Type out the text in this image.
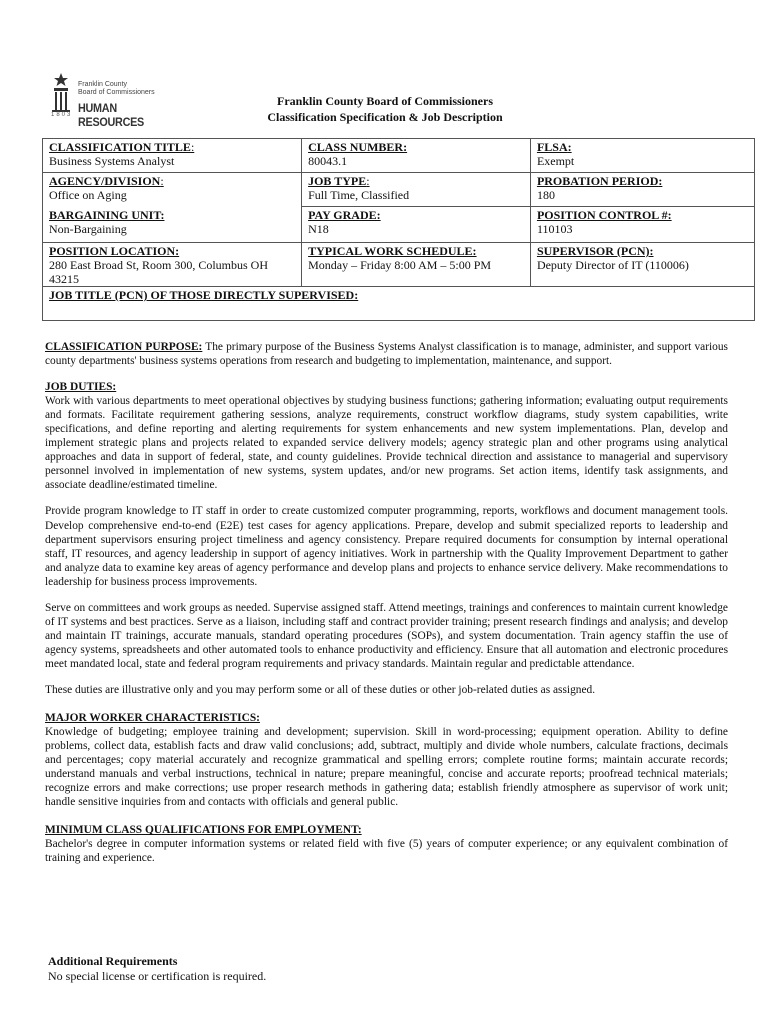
Franklin County
Board of Commissioners
HUMAN RESOURCES
1803
Franklin County Board of Commissioners
Classification Specification & Job Description
CLASSIFICATION TITLE:
Business Systems Analyst	CLASS NUMBER:
80043.1	FLSA:
Exempt

AGENCY/DIVISION:
Office on Aging	JOB TYPE:
Full Time, Classified	PROBATION PERIOD:
180

BARGAINING UNIT:
Non-Bargaining	PAY GRADE:
N18	POSITION CONTROL #:
110103

POSITION LOCATION:
280 East Broad St, Room 300, Columbus OH 43215	TYPICAL WORK SCHEDULE:
Monday – Friday 8:00 AM – 5:00 PM	SUPERVISOR (PCN):
Deputy Director of IT (110006)

JOB TITLE (PCN) OF THOSE DIRECTLY SUPERVISED:		

CLASSIFICATION PURPOSE: The primary purpose of the Business Systems Analyst classification is to manage, administer, and support various county departments' business systems operations from research and budgeting to implementation, maintenance, and support.

JOB DUTIES:

Work with various departments to meet operational objectives by studying business functions; gathering information; evaluating output requirements and formats. Facilitate requirement gathering sessions, analyze requirements, construct workflow diagrams, study system capabilities, write specifications, and define reporting and alerting requirements for system enhancements and new system implementations. Plan, develop and implement strategic plans and projects related to expanded service delivery models; agency strategic plan and other programs using analytical approaches and data in support of federal, state, and county guidelines. Provide technical direction and assistance to managerial and supervisory personnel involved in implementation of new systems, system updates, and/or new programs. Set action items, identify task assignments, and associate deadline/estimated timeline.

Provide program knowledge to IT staff in order to create customized computer programming, reports, workflows and document management tools. Develop comprehensive end-to-end (E2E) test cases for agency applications. Prepare, develop and submit specialized reports to leadership and department supervisors ensuring project timeliness and agency consistency. Prepare required documents for consumption by internal operational staff, IT resources, and agency leadership in support of agency initiatives. Work in partnership with the Quality Improvement Department to gather and analyze data to examine key areas of agency performance and develop plans and projects to enhance service delivery. Make recommendations to leadership for business process improvements.

Serve on committees and work groups as needed. Supervise assigned staff. Attend meetings, trainings and conferences to maintain current knowledge of IT systems and best practices. Serve as a liaison, including staff and contract provider training; present research findings and analysis; and develop and maintain IT trainings, accurate manuals, standard operating procedures (SOPs), and system documentation. Train agency staffin the use of agency systems, spreadsheets and other automated tools to enhance productivity and efficiency. Ensure that all automation and electronic procedures meet mandated local, state and federal program requirements and privacy standards. Maintain regular and predictable attendance.

These duties are illustrative only and you may perform some or all of these duties or other job-related duties as assigned.

MAJOR WORKER CHARACTERISTICS:
Knowledge of budgeting; employee training and development; supervision. Skill in word-processing; equipment operation. Ability to define problems, collect data, establish facts and draw valid conclusions; add, subtract, multiply and divide whole numbers, calculate fractions, decimals and percentages; copy material accurately and recognize grammatical and spelling errors; complete routine forms; maintain accurate records; understand manuals and verbal instructions, technical in nature; prepare meaningful, concise and accurate reports; proofread technical materials; recognize errors and make corrections; use proper research methods in gathering data; establish friendly atmosphere as supervisor of work unit; handle sensitive inquiries from and contacts with officials and general public.
MINIMUM CLASS QUALIFICATIONS FOR EMPLOYMENT:
Bachelor's degree in computer information systems or related field with five (5) years of computer experience; or any equivalent combination of training and experience.
Additional Requirements
No special license or certification is required.
